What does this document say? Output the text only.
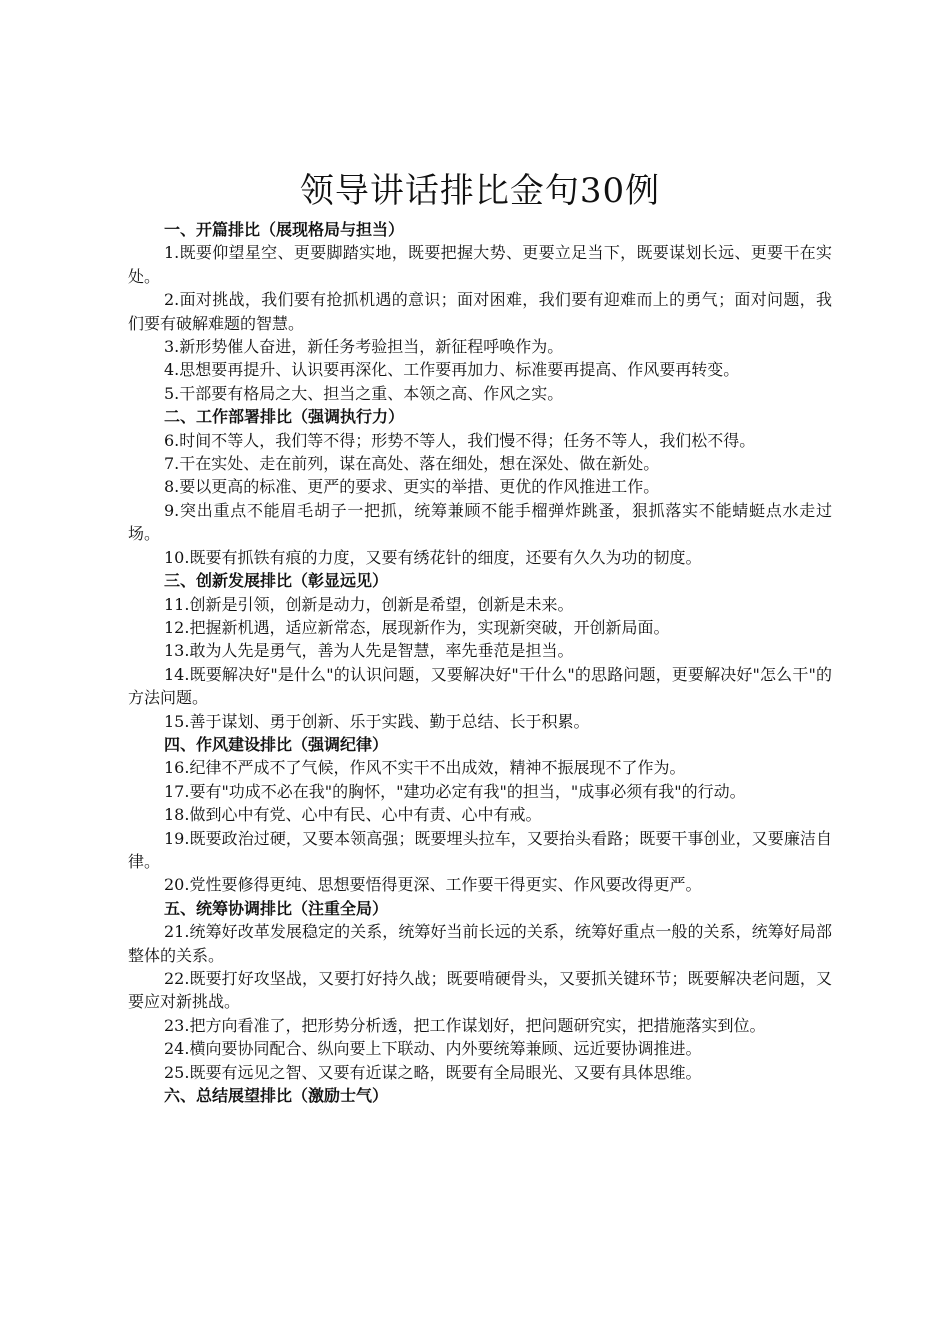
领导讲话排比金句30例

一、开篇排比（展现格局与担当）

1.既要仰望星空、更要脚踏实地，既要把握大势、更要立足当下，既要谋划长远、更要干在实处。

2.面对挑战，我们要有抢抓机遇的意识；面对困难，我们要有迎难而上的勇气；面对问题，我们要有破解难题的智慧。

3.新形势催人奋进，新任务考验担当，新征程呼唤作为。

4.思想要再提升、认识要再深化、工作要再加力、标准要再提高、作风要再转变。

5.干部要有格局之大、担当之重、本领之高、作风之实。

二、工作部署排比（强调执行力）

6.时间不等人，我们等不得；形势不等人，我们慢不得；任务不等人，我们松不得。

7.干在实处、走在前列，谋在高处、落在细处，想在深处、做在新处。

8.要以更高的标准、更严的要求、更实的举措、更优的作风推进工作。

9.突出重点不能眉毛胡子一把抓，统筹兼顾不能手榴弹炸跳蚤，狠抓落实不能蜻蜓点水走过场。

10.既要有抓铁有痕的力度，又要有绣花针的细度，还要有久久为功的韧度。

三、创新发展排比（彰显远见）

11.创新是引领，创新是动力，创新是希望，创新是未来。

12.把握新机遇，适应新常态，展现新作为，实现新突破，开创新局面。

13.敢为人先是勇气，善为人先是智慧，率先垂范是担当。

14.既要解决好"是什么"的认识问题，又要解决好"干什么"的思路问题，更要解决好"怎么干"的方法问题。

15.善于谋划、勇于创新、乐于实践、勤于总结、长于积累。

四、作风建设排比（强调纪律）

16.纪律不严成不了气候，作风不实干不出成效，精神不振展现不了作为。

17.要有"功成不必在我"的胸怀，"建功必定有我"的担当，"成事必须有我"的行动。

18.做到心中有党、心中有民、心中有责、心中有戒。

19.既要政治过硬，又要本领高强；既要埋头拉车，又要抬头看路；既要干事创业，又要廉洁自律。

20.党性要修得更纯、思想要悟得更深、工作要干得更实、作风要改得更严。

五、统筹协调排比（注重全局）

21.统筹好改革发展稳定的关系，统筹好当前长远的关系，统筹好重点一般的关系，统筹好局部整体的关系。

22.既要打好攻坚战，又要打好持久战；既要啃硬骨头，又要抓关键环节；既要解决老问题，又要应对新挑战。

23.把方向看准了，把形势分析透，把工作谋划好，把问题研究实，把措施落实到位。

24.横向要协同配合、纵向要上下联动、内外要统筹兼顾、远近要协调推进。

25.既要有远见之智、又要有近谋之略，既要有全局眼光、又要有具体思维。

六、总结展望排比（激励士气）
